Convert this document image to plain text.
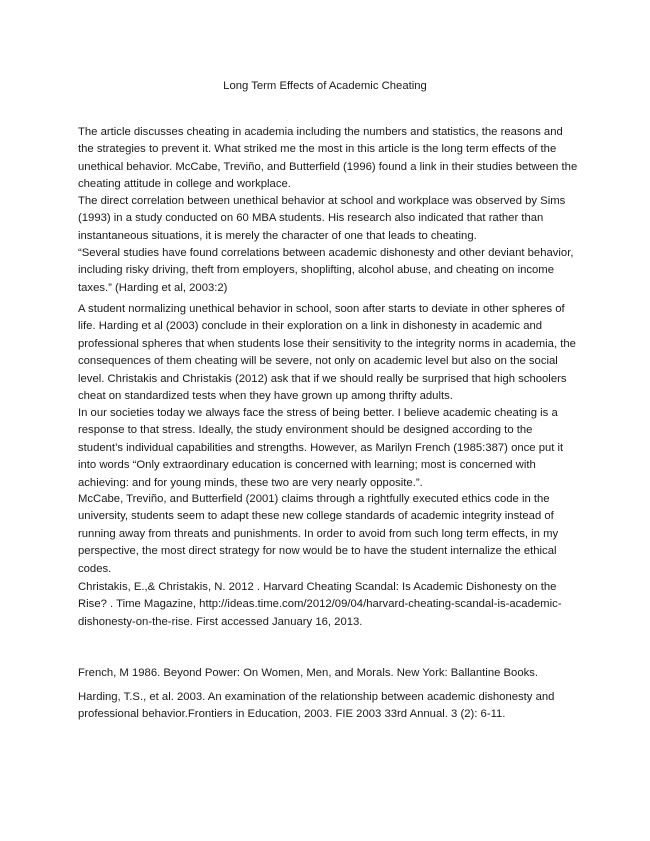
Long Term Effects of Academic Cheating

The article discusses cheating in academia including the numbers and statistics, the reasons and the strategies to prevent it. What striked me the most in this article is the long term effects of the unethical behavior. McCabe, Treviño, and Butterfield (1996) found a link in their studies between the cheating attitude in college and workplace.

The direct correlation between unethical behavior at school and workplace was observed by Sims (1993) in a study conducted on 60 MBA students. His research also indicated that rather than instantaneous situations, it is merely the character of one that leads to cheating.

“Several studies have found correlations between academic dishonesty and other deviant behavior, including risky driving, theft from employers, shoplifting, alcohol abuse, and cheating on income taxes.” (Harding et al, 2003:2)

A student normalizing unethical behavior in school, soon after starts to deviate in other spheres of life. Harding et al (2003) conclude in their exploration on a link in dishonesty in academic and professional spheres that when students lose their sensitivity to the integrity norms in academia, the consequences of them cheating will be severe, not only on academic level but also on the social level. Christakis and Christakis (2012) ask that if we should really be surprised that high schoolers cheat on standardized tests when they have grown up among thrifty adults.

In our societies today we always face the stress of being better. I believe academic cheating is a response to that stress. Ideally, the study environment should be designed according to the student’s individual capabilities and strengths. However, as Marilyn French (1985:387) once put it into words “Only extraordinary education is concerned with learning; most is concerned with achieving: and for young minds, these two are very nearly opposite.”.

McCabe, Treviño, and Butterfield (2001) claims through a rightfully executed ethics code in the university, students seem to adapt these new college standards of academic integrity instead of running away from threats and punishments. In order to avoid from such long term effects, in my perspective, the most direct strategy for now would be to have the student internalize the ethical codes.

Christakis, E.,& Christakis, N. 2012 . Harvard Cheating Scandal: Is Academic Dishonesty on the Rise? . Time Magazine, http://ideas.time.com/2012/09/04/harvard-cheating-scandal-is-academic-dishonesty-on-the-rise. First accessed January 16, 2013.

French, M 1986. Beyond Power: On Women, Men, and Morals. New York: Ballantine Books.

Harding, T.S., et al. 2003. An examination of the relationship between academic dishonesty and professional behavior.Frontiers in Education, 2003. FIE 2003 33rd Annual. 3 (2): 6-11.
